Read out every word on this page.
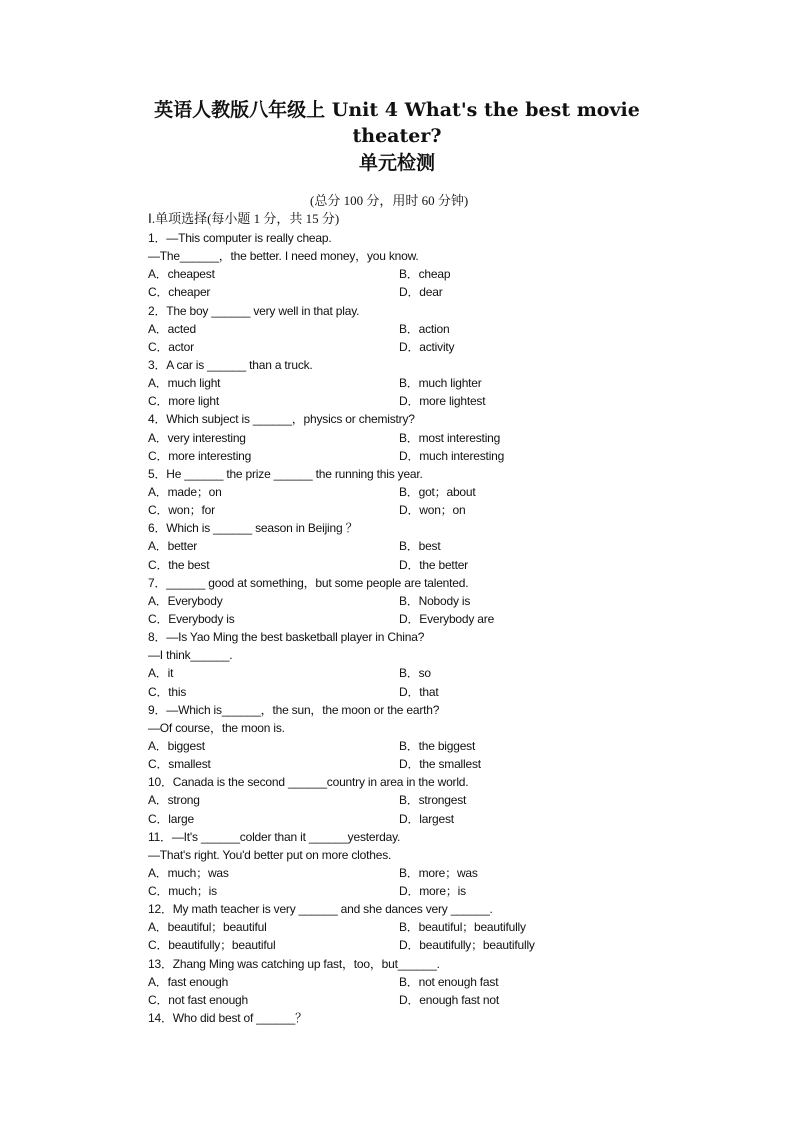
英语人教版八年级上 Unit 4 What's the best movie
theater?
单元检测
(总分 100 分，用时 60 分钟)
Ⅰ.单项选择(每小题 1 分，共 15 分)
1．—This computer is really cheap.
—The______，the better. I need money，you know.
A．cheapest	B．cheap
C．cheaper	D．dear
2．The boy ______ very well in that play.
A．acted	B．action
C．actor	D．activity
3．A car is ______ than a truck.
A．much light	B．much lighter
C．more light	D．more lightest
4．Which subject is ______，physics or chemistry?
A．very interesting	B．most interesting
C．more interesting	D．much interesting
5．He ______ the prize ______ the running this year.
A．made；on	B．got；about
C．won；for	D．won；on
6．Which is ______ season in Beijing ？
A．better	B．best
C．the best	D．the better
7．______ good at something，but some people are talented.
A．Everybody	B．Nobody is
C．Everybody is	D．Everybody are
8．—Is Yao Ming the best basketball player in China?
—I think______.
A．it	B．so
C．this	D．that
9．—Which is______，the sun，the moon or the earth?
—Of course，the moon is.
A．biggest	B．the biggest
C．smallest	D．the smallest
10．Canada is the second ______country in area in the world.
A．strong	B．strongest
C．large	D．largest
11．—It's ______colder than it ______yesterday.
—That's right. You'd better put on more clothes.
A．much；was	B．more；was
C．much；is	D．more；is
12．My math teacher is very ______ and she dances very ______.
A．beautiful；beautiful	B．beautiful；beautifully
C．beautifully；beautiful	D．beautifully；beautifully
13．Zhang Ming was catching up fast，too，but______.
A．fast enough	B．not enough fast
C．not fast enough	D．enough fast not
14．Who did best of ______？
